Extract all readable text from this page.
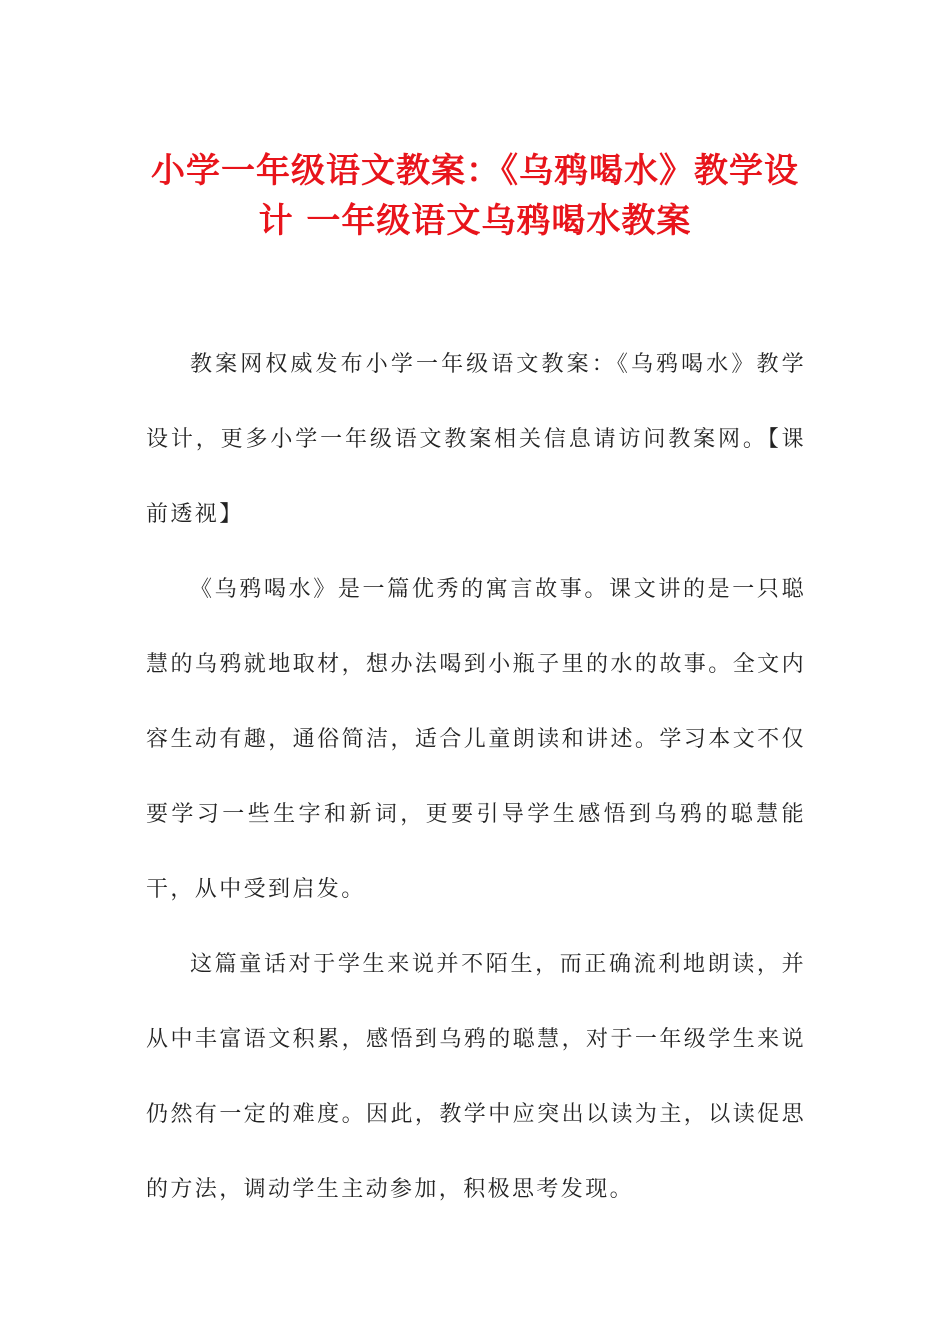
小学一年级语文教案：《乌鸦喝水》教学设计 一年级语文乌鸦喝水教案

教案网权威发布小学一年级语文教案：《乌鸦喝水》教学设计，更多小学一年级语文教案相关信息请访问教案网。【课前透视】

《乌鸦喝水》是一篇优秀的寓言故事。课文讲的是一只聪慧的乌鸦就地取材，想办法喝到小瓶子里的水的故事。全文内容生动有趣，通俗简洁，适合儿童朗读和讲述。学习本文不仅要学习一些生字和新词，更要引导学生感悟到乌鸦的聪慧能干，从中受到启发。

这篇童话对于学生来说并不陌生，而正确流利地朗读，并从中丰富语文积累，感悟到乌鸦的聪慧，对于一年级学生来说仍然有一定的难度。因此，教学中应突出以读为主，以读促思的方法，调动学生主动参加，积极思考发现。
